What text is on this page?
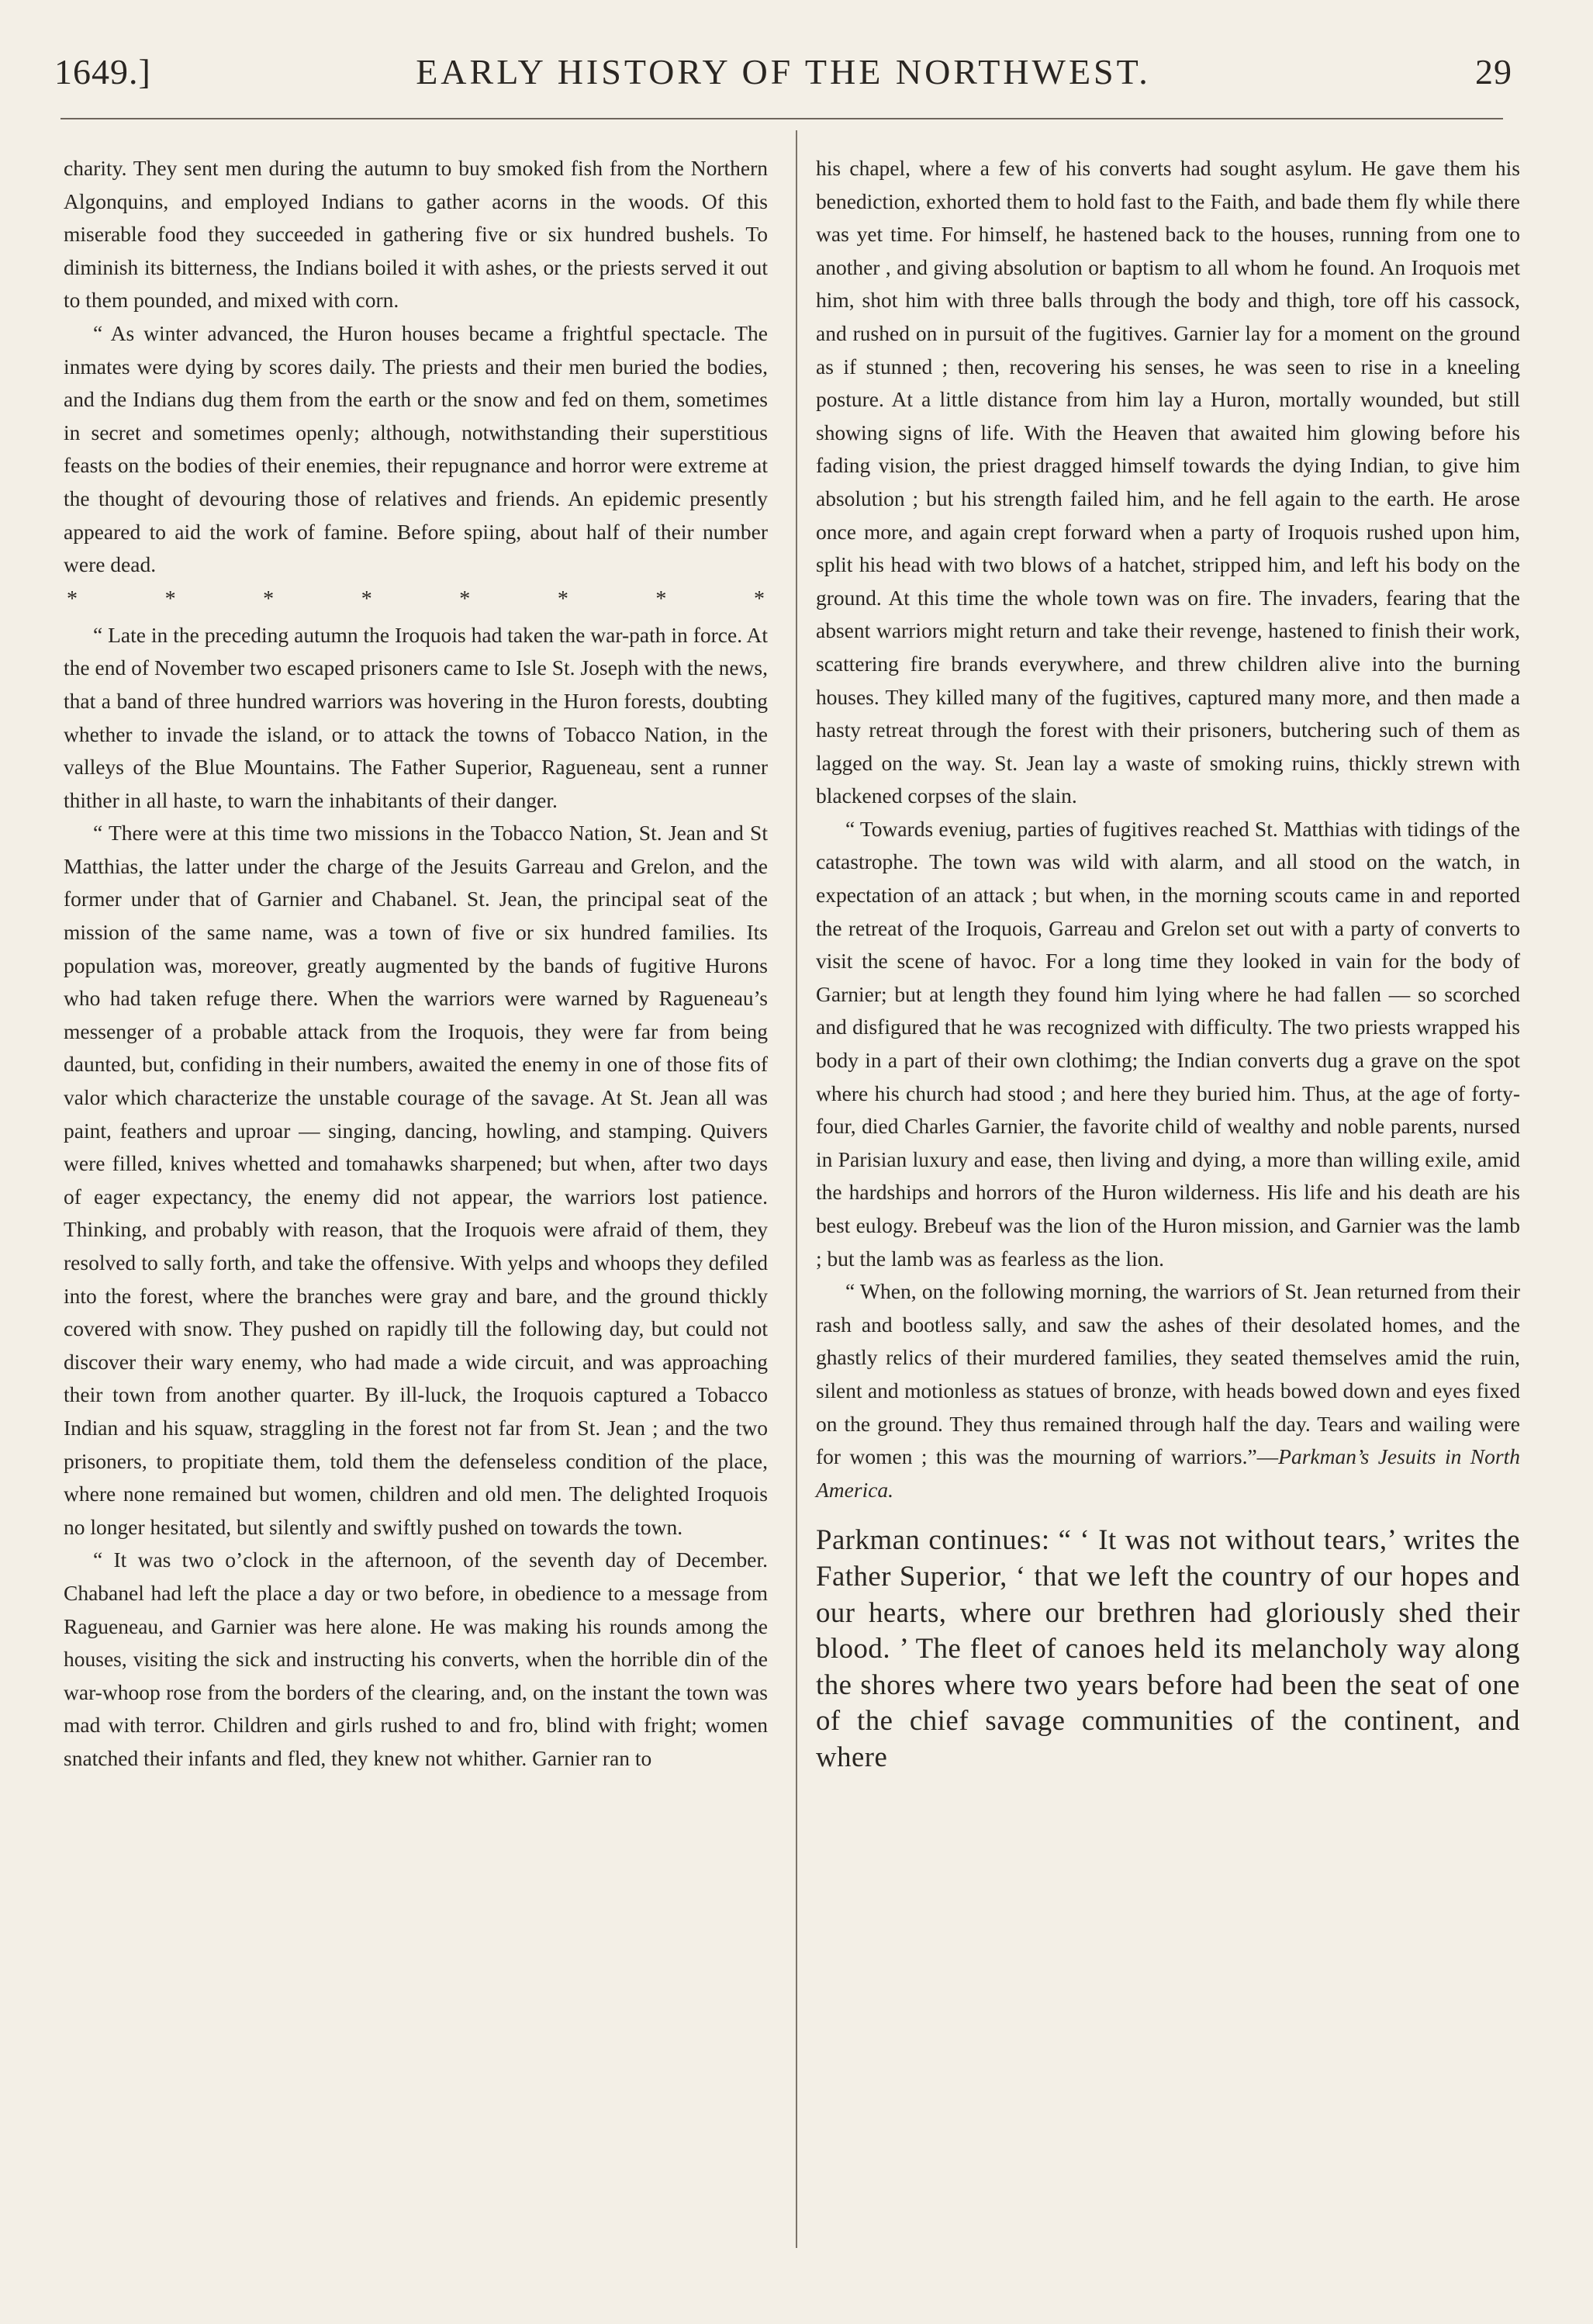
1649.]	EARLY HISTORY OF THE NORTHWEST.	29

charity. They sent men during the autumn to buy smoked fish from the Northern Algonquins, and employed Indians to gather acorns in the woods. Of this miserable food they succeeded in gathering five or six hundred bushels. To diminish its bitterness, the Indians boiled it with ashes, or the priests served it out to them pounded, and mixed with corn.

“ As winter advanced, the Huron houses became a frightful spectacle. The inmates were dying by scores daily. The priests and their men buried the bodies, and the Indians dug them from the earth or the snow and fed on them, sometimes in secret and sometimes openly; although, notwithstanding their superstitious feasts on the bodies of their enemies, their repugnance and horror were extreme at the thought of devouring those of relatives and friends. An epidemic presently appeared to aid the work of famine. Before spiing, about half of their number were dead.

*	*	*	*	*	*	*	*

“ Late in the preceding autumn the Iroquois had taken the war-path in force. At the end of November two escaped prisoners came to Isle St. Joseph with the news, that a band of three hundred warriors was hovering in the Huron forests, doubting whether to invade the island, or to attack the towns of Tobacco Nation, in the valleys of the Blue Mountains. The Father Superior, Ragueneau, sent a runner thither in all haste, to warn the inhabitants of their danger.

“ There were at this time two missions in the Tobacco Nation, St. Jean and St Matthias, the latter under the charge of the Jesuits Garreau and Grelon, and the former under that of Garnier and Chabanel. St. Jean, the principal seat of the mission of the same name, was a town of five or six hundred families. Its population was, moreover, greatly augmented by the bands of fugitive Hurons who had taken refuge there. When the warriors were warned by Ragueneau’s messenger of a probable attack from the Iroquois, they were far from being daunted, but, confiding in their numbers, awaited the enemy in one of those fits of valor which characterize the unstable courage of the savage. At St. Jean all was paint, feathers and uproar — singing, dancing, howling, and stamping. Quivers were filled, knives whetted and tomahawks sharpened; but when, after two days of eager expectancy, the enemy did not appear, the warriors lost patience. Thinking, and probably with reason, that the Iroquois were afraid of them, they resolved to sally forth, and take the offensive. With yelps and whoops they defiled into the forest, where the branches were gray and bare, and the ground thickly covered with snow. They pushed on rapidly till the following day, but could not discover their wary enemy, who had made a wide circuit, and was approaching their town from another quarter. By ill-luck, the Iroquois captured a Tobacco Indian and his squaw, straggling in the forest not far from St. Jean ; and the two prisoners, to propitiate them, told them the defenseless condition of the place, where none remained but women, children and old men. The delighted Iroquois no longer hesitated, but silently and swiftly pushed on towards the town.

“ It was two o’clock in the afternoon, of the seventh day of December. Chabanel had left the place a day or two before, in obedience to a message from Ragueneau, and Garnier was here alone. He was making his rounds among the houses, visiting the sick and instructing his converts, when the horrible din of the war-whoop rose from the borders of the clearing, and, on the instant the town was mad with terror. Children and girls rushed to and fro, blind with fright; women snatched their infants and fled, they knew not whither. Garnier ran to

his chapel, where a few of his converts had sought asylum. He gave them his benediction, exhorted them to hold fast to the Faith, and bade them fly while there was yet time. For himself, he hastened back to the houses, running from one to another , and giving absolution or baptism to all whom he found. An Iroquois met him, shot him with three balls through the body and thigh, tore off his cassock, and rushed on in pursuit of the fugitives. Garnier lay for a moment on the ground as if stunned ; then, recovering his senses, he was seen to rise in a kneeling posture. At a little distance from him lay a Huron, mortally wounded, but still showing signs of life. With the Heaven that awaited him glowing before his fading vision, the priest dragged himself towards the dying Indian, to give him absolution ; but his strength failed him, and he fell again to the earth. He arose once more, and again crept forward when a party of Iroquois rushed upon him, split his head with two blows of a hatchet, stripped him, and left his body on the ground. At this time the whole town was on fire. The invaders, fearing that the absent warriors might return and take their revenge, hastened to finish their work, scattering fire brands everywhere, and threw children alive into the burning houses. They killed many of the fugitives, captured many more, and then made a hasty retreat through the forest with their prisoners, butchering such of them as lagged on the way. St. Jean lay a waste of smoking ruins, thickly strewn with blackened corpses of the slain.

“ Towards eveniug, parties of fugitives reached St. Matthias with tidings of the catastrophe. The town was wild with alarm, and all stood on the watch, in expectation of an attack ; but when, in the morning scouts came in and reported the retreat of the Iroquois, Garreau and Grelon set out with a party of converts to visit the scene of havoc. For a long time they looked in vain for the body of Garnier; but at length they found him lying where he had fallen — so scorched and disfigured that he was recognized with difficulty. The two priests wrapped his body in a part of their own clothimg; the Indian converts dug a grave on the spot where his church had stood ; and here they buried him. Thus, at the age of forty-four, died Charles Garnier, the favorite child of wealthy and noble parents, nursed in Parisian luxury and ease, then living and dying, a more than willing exile, amid the hardships and horrors of the Huron wilderness. His life and his death are his best eulogy. Brebeuf was the lion of the Huron mission, and Garnier was the lamb ; but the lamb was as fearless as the lion.

“ When, on the following morning, the warriors of St. Jean returned from their rash and bootless sally, and saw the ashes of their desolated homes, and the ghastly relics of their murdered families, they seated themselves amid the ruin, silent and motionless as statues of bronze, with heads bowed down and eyes fixed on the ground. They thus remained through half the day. Tears and wailing were for women ; this was the mourning of warriors.”—Parkman’s Jesuits in North America.

Parkman continues: “ ‘ It was not without tears,’ writes the Father Superior, ‘ that we left the country of our hopes and our hearts, where our brethren had gloriously shed their blood. ’ The fleet of canoes held its melancholy way along the shores where two years before had been the seat of one of the chief savage communities of the continent, and where
